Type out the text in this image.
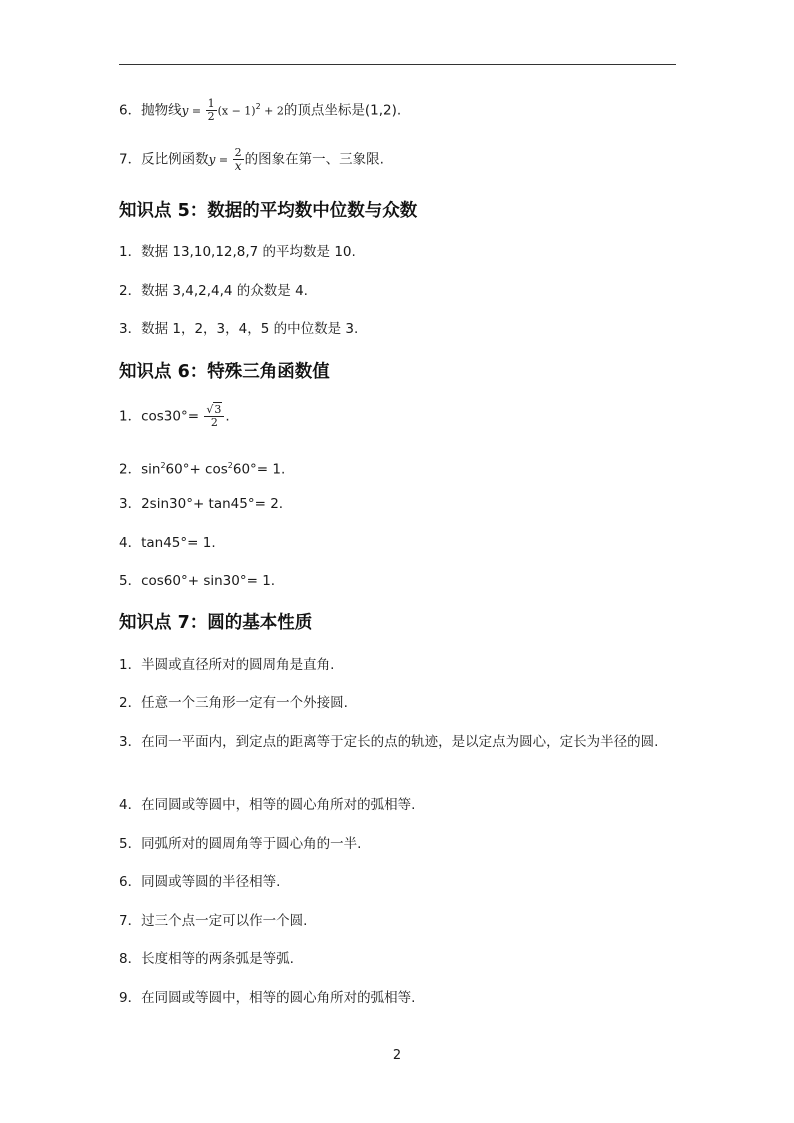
6．抛物线$y = \frac{1}{2} (x - 1)^2 + 2$的顶点坐标是(1,2).
7．反比例函数$y = \frac{2}{x}$ 的图象在第一、三象限.
知识点 5：数据的平均数中位数与众数
1．数据 13,10,12,8,7 的平均数是 10.
2．数据 3,4,2,4,4 的众数是 4.
3．数据 1，2，3，4，5 的中位数是 3.
知识点 6：特殊三角函数值
1．$\cos 30^\circ= \frac{√3}{2}$ .
2．$\sin^260^\circ+ \cos^260^\circ= 1$.
3．2sin30°+ tan45°= 2.
4．tan45°= 1.
5．cos60°+ sin30°= 1.
知识点 7：圆的基本性质
1．半圆或直径所对的圆周角是直角.
2．任意一个三角形一定有一个外接圆.
3．在同一平面内，到定点的距离等于定长的点的轨迹，是以定点为圆心，定长为半径的圆.
4．在同圆或等圆中，相等的圆心角所对的弧相等.
5．同弧所对的圆周角等于圆心角的一半.
6．同圆或等圆的半径相等.
7．过三个点一定可以作一个圆.
8．长度相等的两条弧是等弧.
9．在同圆或等圆中，相等的圆心角所对的弧相等.
2
